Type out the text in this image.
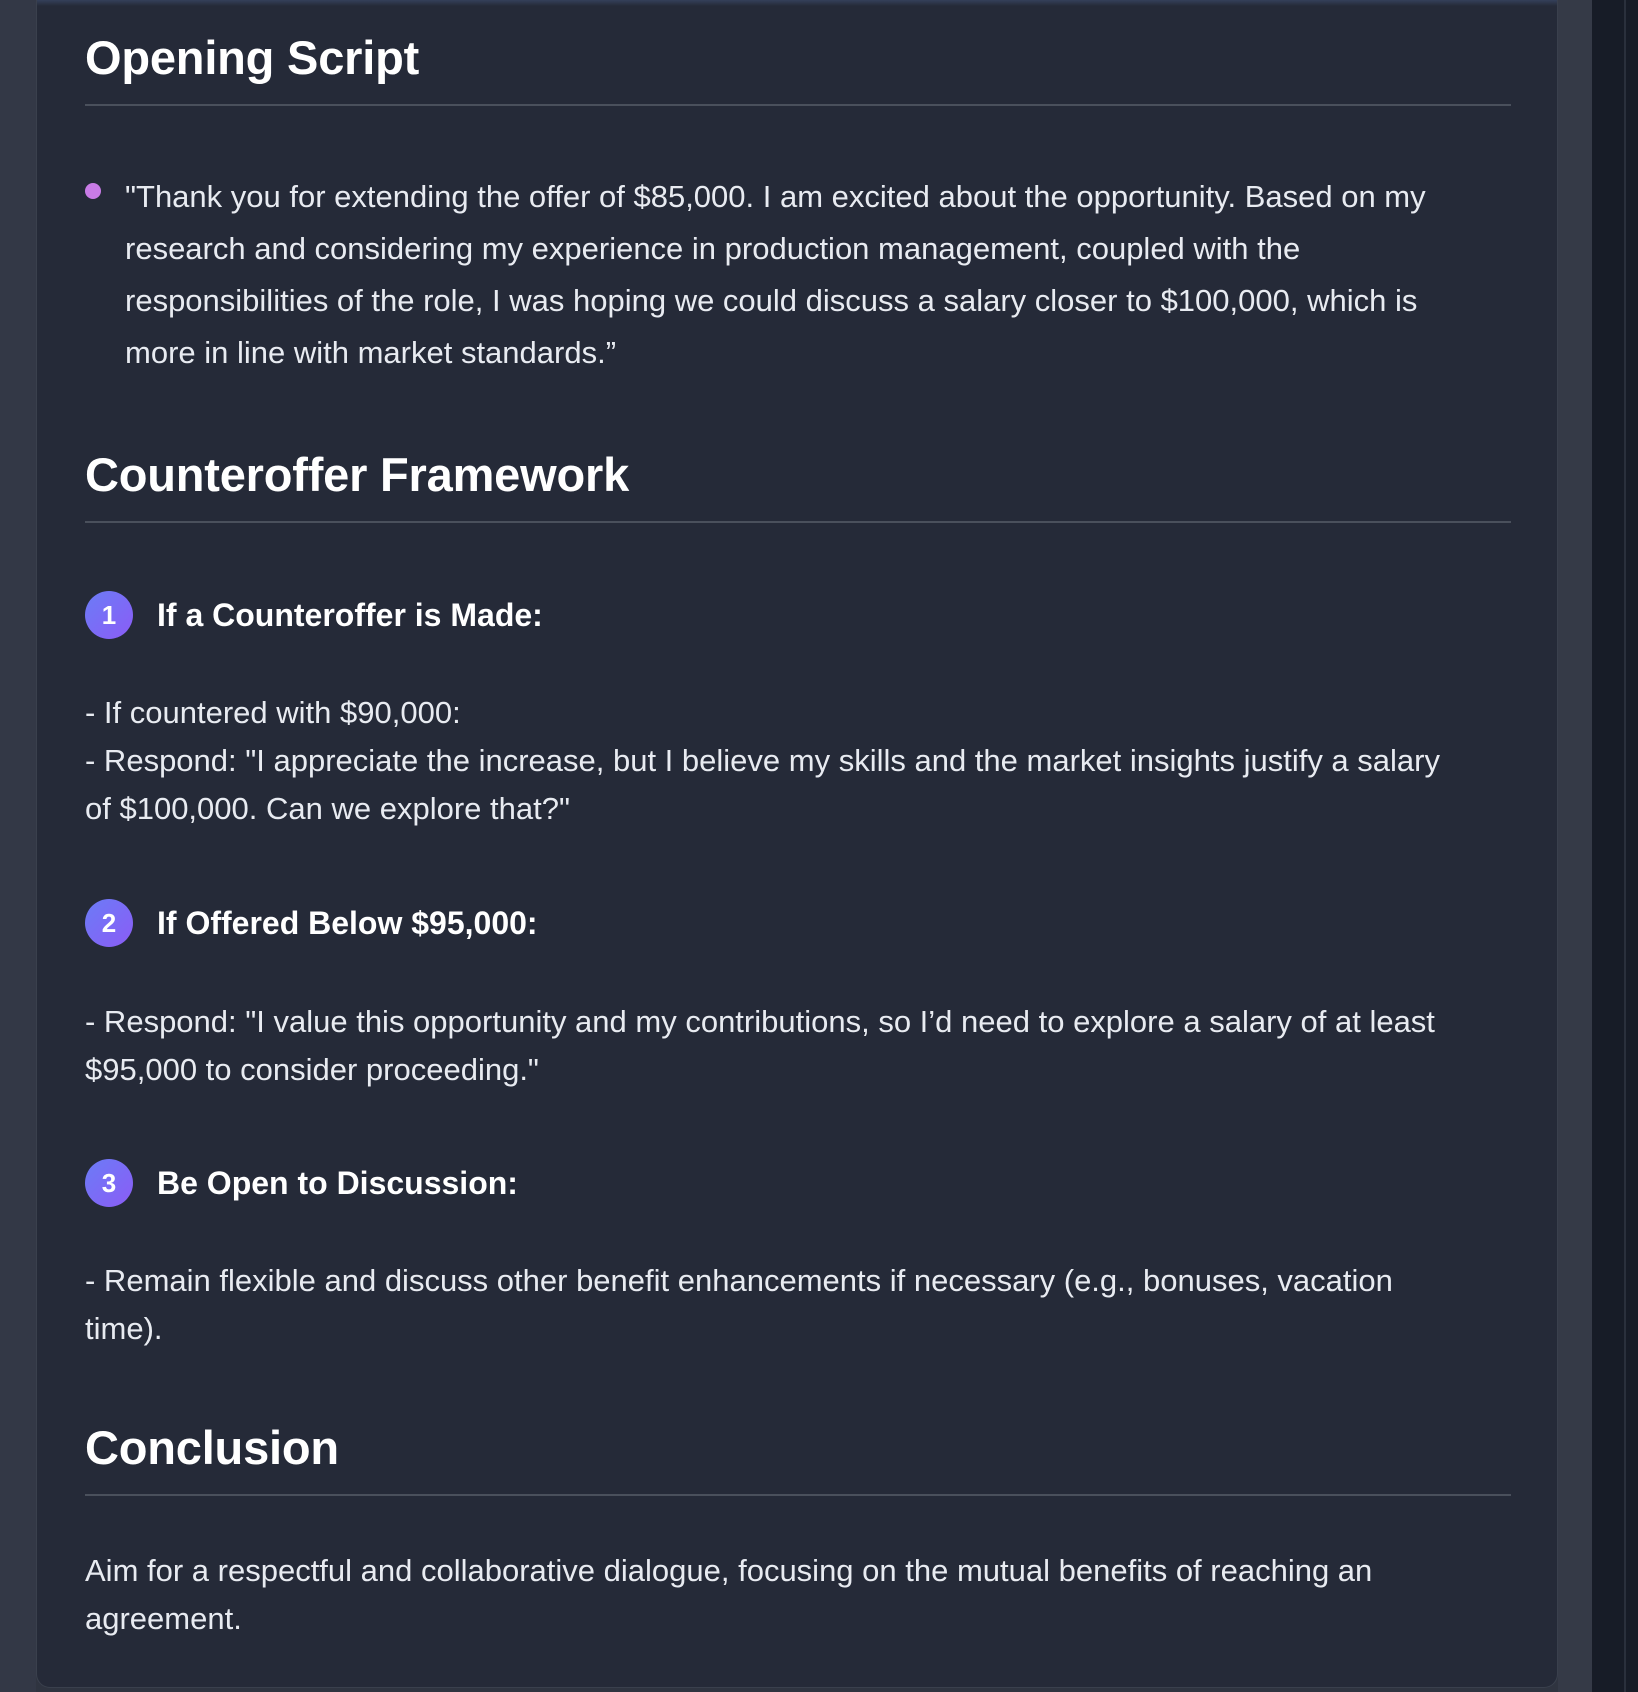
Opening Script
"Thank you for extending the offer of $85,000. I am excited about the opportunity. Based on my
research and considering my experience in production management, coupled with the
responsibilities of the role, I was hoping we could discuss a salary closer to $100,000, which is
more in line with market standards.”
Counteroffer Framework
1	If a Counteroffer is Made:
- If countered with $90,000:
- Respond: "I appreciate the increase, but I believe my skills and the market insights justify a salary
of $100,000. Can we explore that?"
2	If Offered Below $95,000:
- Respond: "I value this opportunity and my contributions, so I’d need to explore a salary of at least
$95,000 to consider proceeding."
3	Be Open to Discussion:
- Remain flexible and discuss other benefit enhancements if necessary (e.g., bonuses, vacation
time).
Conclusion
Aim for a respectful and collaborative dialogue, focusing on the mutual benefits of reaching an
agreement.
